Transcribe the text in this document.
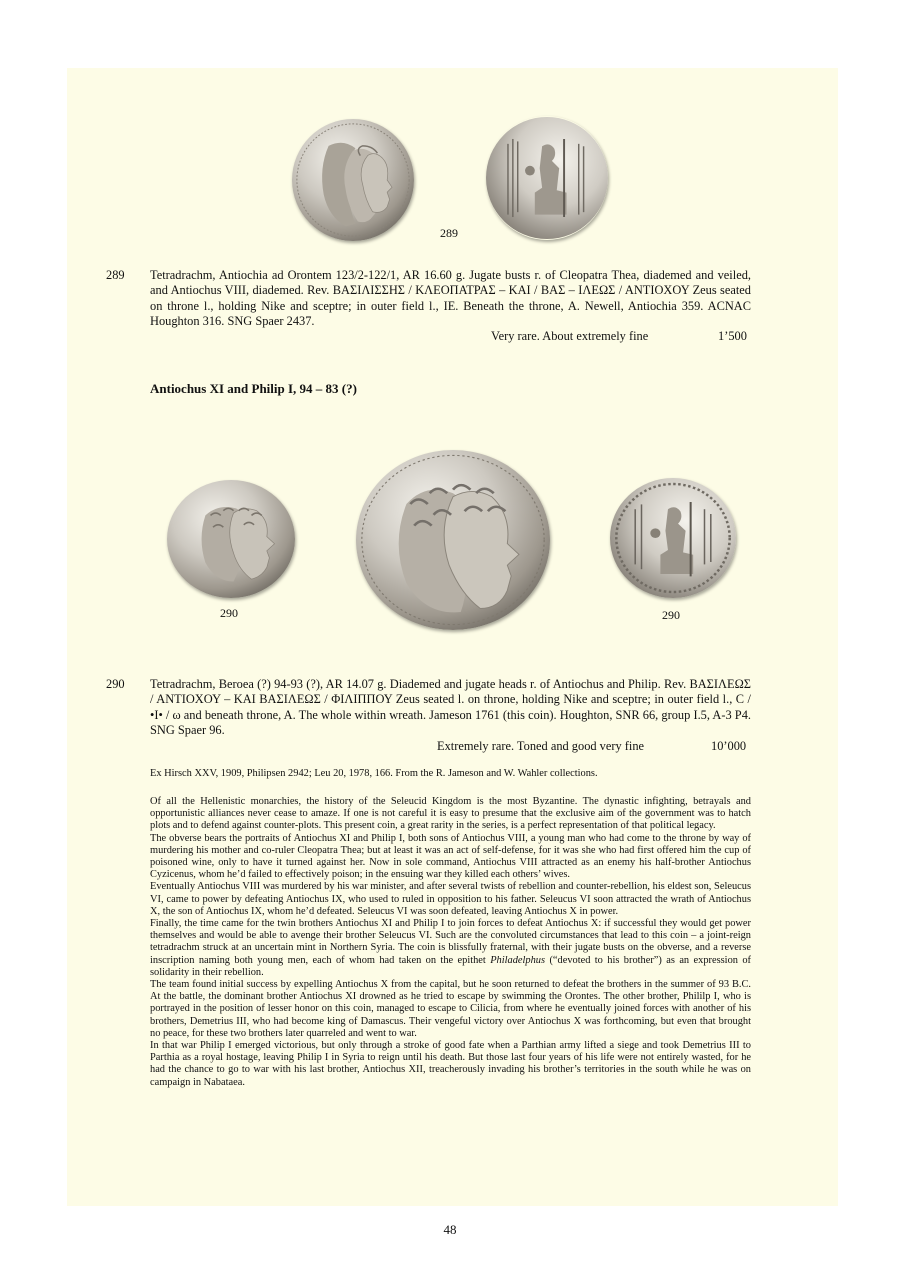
289
289 Tetradrachm, Antiochia ad Orontem 123/2-122/1, AR 16.60 g. Jugate busts r. of Cleopatra Thea, diademed and veiled, and Antiochus VIII, diademed. Rev. ΒΑΣΙΛΙΣΣΗΣ / ΚΛΕΟΠΑΤΡΑΣ – ΚΑΙ / ΒΑΣ – ΙΛΕΩΣ / ΑΝΤΙΟΧΟΥ Zeus seated on throne l., holding Nike and sceptre; in outer field l., IE. Beneath the throne, A. Newell, Antiochia 359. ACNAC Houghton 316. SNG Spaer 2437.

Very rare. About extremely fine	1’500
Antiochus XI and Philip I, 94 – 83 (?)
290	290
290 Tetradrachm, Beroea (?) 94-93 (?), AR 14.07 g. Diademed and jugate heads r. of Antiochus and Philip. Rev. ΒΑΣΙΛΕΩΣ / ΑΝΤΙΟΧΟΥ – ΚΑΙ ΒΑΣΙΛΕΩΣ / ΦΙΛΙΠΠΟΥ Zeus seated l. on throne, holding Nike and sceptre; in outer field l., C / •I• / ω and beneath throne, A. The whole within wreath. Jameson 1761 (this coin). Houghton, SNR 66, group I.5, A-3 P4. SNG Spaer 96.

Extremely rare. Toned and good very fine	10’000
Ex Hirsch XXV, 1909, Philipsen 2942; Leu 20, 1978, 166. From the R. Jameson and W. Wahler collections.

Of all the Hellenistic monarchies, the history of the Seleucid Kingdom is the most Byzantine. The dynastic infighting, betrayals and opportunistic alliances never cease to amaze. If one is not careful it is easy to presume that the exclusive aim of the government was to hatch plots and to defend against counter-plots. This present coin, a great rarity in the series, is a perfect representation of that political legacy.

The obverse bears the portraits of Antiochus XI and Philip I, both sons of Antiochus VIII, a young man who had come to the throne by way of murdering his mother and co-ruler Cleopatra Thea; but at least it was an act of self-defense, for it was she who had first offered him the cup of poisoned wine, only to have it turned against her. Now in sole command, Antiochus VIII attracted as an enemy his half-brother Antiochus Cyzicenus, whom he’d failed to effectively poison; in the ensuing war they killed each others’ wives.

Eventually Antiochus VIII was murdered by his war minister, and after several twists of rebellion and counter-rebellion, his eldest son, Seleucus VI, came to power by defeating Antiochus IX, who used to ruled in opposition to his father. Seleucus VI soon attracted the wrath of Antiochus X, the son of Antiochus IX, whom he’d defeated. Seleucus VI was soon defeated, leaving Antiochus X in power.

Finally, the time came for the twin brothers Antiochus XI and Philip I to join forces to defeat Antiochus X: if successful they would get power themselves and would be able to avenge their brother Seleucus VI. Such are the convoluted circumstances that lead to this coin – a joint-reign tetradrachm struck at an uncertain mint in Northern Syria. The coin is blissfully fraternal, with their jugate busts on the obverse, and a reverse inscription naming both young men, each of whom had taken on the epithet Philadelphus (“devoted to his brother”) as an expression of solidarity in their rebellion.

The team found initial success by expelling Antiochus X from the capital, but he soon returned to defeat the brothers in the summer of 93 B.C. At the battle, the dominant brother Antiochus XI drowned as he tried to escape by swimming the Orontes. The other brother, Phililp I, who is portrayed in the position of lesser honor on this coin, managed to escape to Cilicia, from where he eventually joined forces with another of his brothers, Demetrius III, who had become king of Damascus. Their vengeful victory over Antiochus X was forthcoming, but even that brought no peace, for these two brothers later quarreled and went to war.

In that war Philip I emerged victorious, but only through a stroke of good fate when a Parthian army lifted a siege and took Demetrius III to Parthia as a royal hostage, leaving Philip I in Syria to reign until his death. But those last four years of his life were not entirely wasted, for he had the chance to go to war with his last brother, Antiochus XII, treacherously invading his brother’s territories in the south while he was on campaign in Nabataea.

48
